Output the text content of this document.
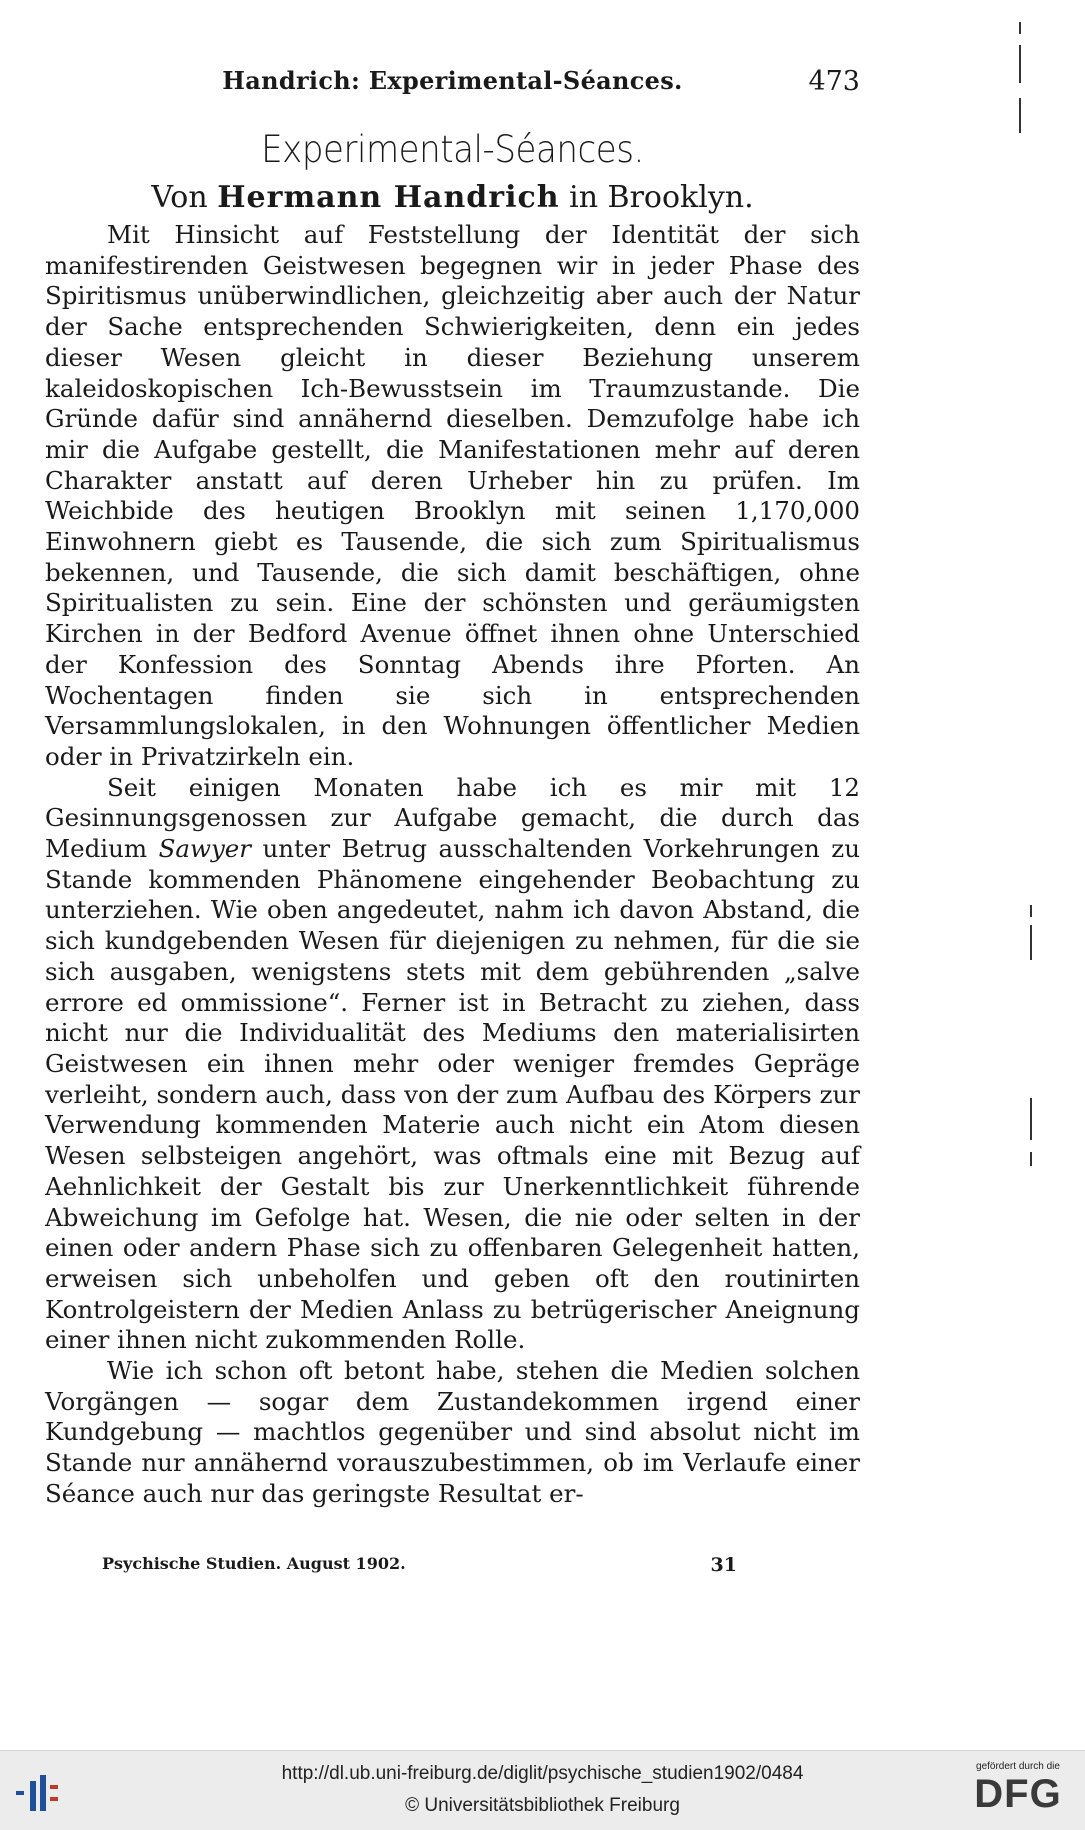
Handrich: Experimental-Séances.	473
Experimental-Séances.
Von Hermann Handrich in Brooklyn.

Mit Hinsicht auf Feststellung der Identität der sich manifestirenden Geistwesen begegnen wir in jeder Phase des Spiritismus unüberwindlichen, gleichzeitig aber auch der Natur der Sache entsprechenden Schwierigkeiten, denn ein jedes dieser Wesen gleicht in dieser Beziehung unserem kaleidoskopischen Ich-Bewusstsein im Traumzustande. Die Gründe dafür sind annähernd dieselben. Demzufolge habe ich mir die Aufgabe gestellt, die Manifestationen mehr auf deren Charakter anstatt auf deren Urheber hin zu prüfen. Im Weichbide des heutigen Brooklyn mit seinen 1,170,000 Einwohnern giebt es Tausende, die sich zum Spiritualismus bekennen, und Tausende, die sich damit beschäftigen, ohne Spiritualisten zu sein. Eine der schönsten und geräumigsten Kirchen in der Bedford Avenue öffnet ihnen ohne Unterschied der Konfession des Sonntag Abends ihre Pforten. An Wochentagen finden sie sich in entsprechenden Versammlungslokalen, in den Wohnungen öffentlicher Medien oder in Privatzirkeln ein.

Seit einigen Monaten habe ich es mir mit 12 Gesinnungsgenossen zur Aufgabe gemacht, die durch das Medium Sawyer unter Betrug ausschaltenden Vorkehrungen zu Stande kommenden Phänomene eingehender Beobachtung zu unterziehen. Wie oben angedeutet, nahm ich davon Abstand, die sich kundgebenden Wesen für diejenigen zu nehmen, für die sie sich ausgaben, wenigstens stets mit dem gebührenden „salve errore ed ommissione“. Ferner ist in Betracht zu ziehen, dass nicht nur die Individualität des Mediums den materialisirten Geistwesen ein ihnen mehr oder weniger fremdes Gepräge verleiht, sondern auch, dass von der zum Aufbau des Körpers zur Verwendung kommenden Materie auch nicht ein Atom diesen Wesen selbsteigen angehört, was oftmals eine mit Bezug auf Aehnlichkeit der Gestalt bis zur Unerkenntlichkeit führende Abweichung im Gefolge hat. Wesen, die nie oder selten in der einen oder andern Phase sich zu offenbaren Gelegenheit hatten, erweisen sich unbeholfen und geben oft den routinirten Kontrolgeistern der Medien Anlass zu betrügerischer Aneignung einer ihnen nicht zukommenden Rolle.

Wie ich schon oft betont habe, stehen die Medien solchen Vorgängen — sogar dem Zustandekommen irgend einer Kundgebung — machtlos gegenüber und sind absolut nicht im Stande nur annähernd vorauszubestimmen, ob im Verlaufe einer Séance auch nur das geringste Resultat er-

Psychische Studien. August 1902.	31
http://dl.ub.uni-freiburg.de/diglit/psychische_studien1902/0484
© Universitätsbibliothek Freiburg
gefördert durch die
DFG
